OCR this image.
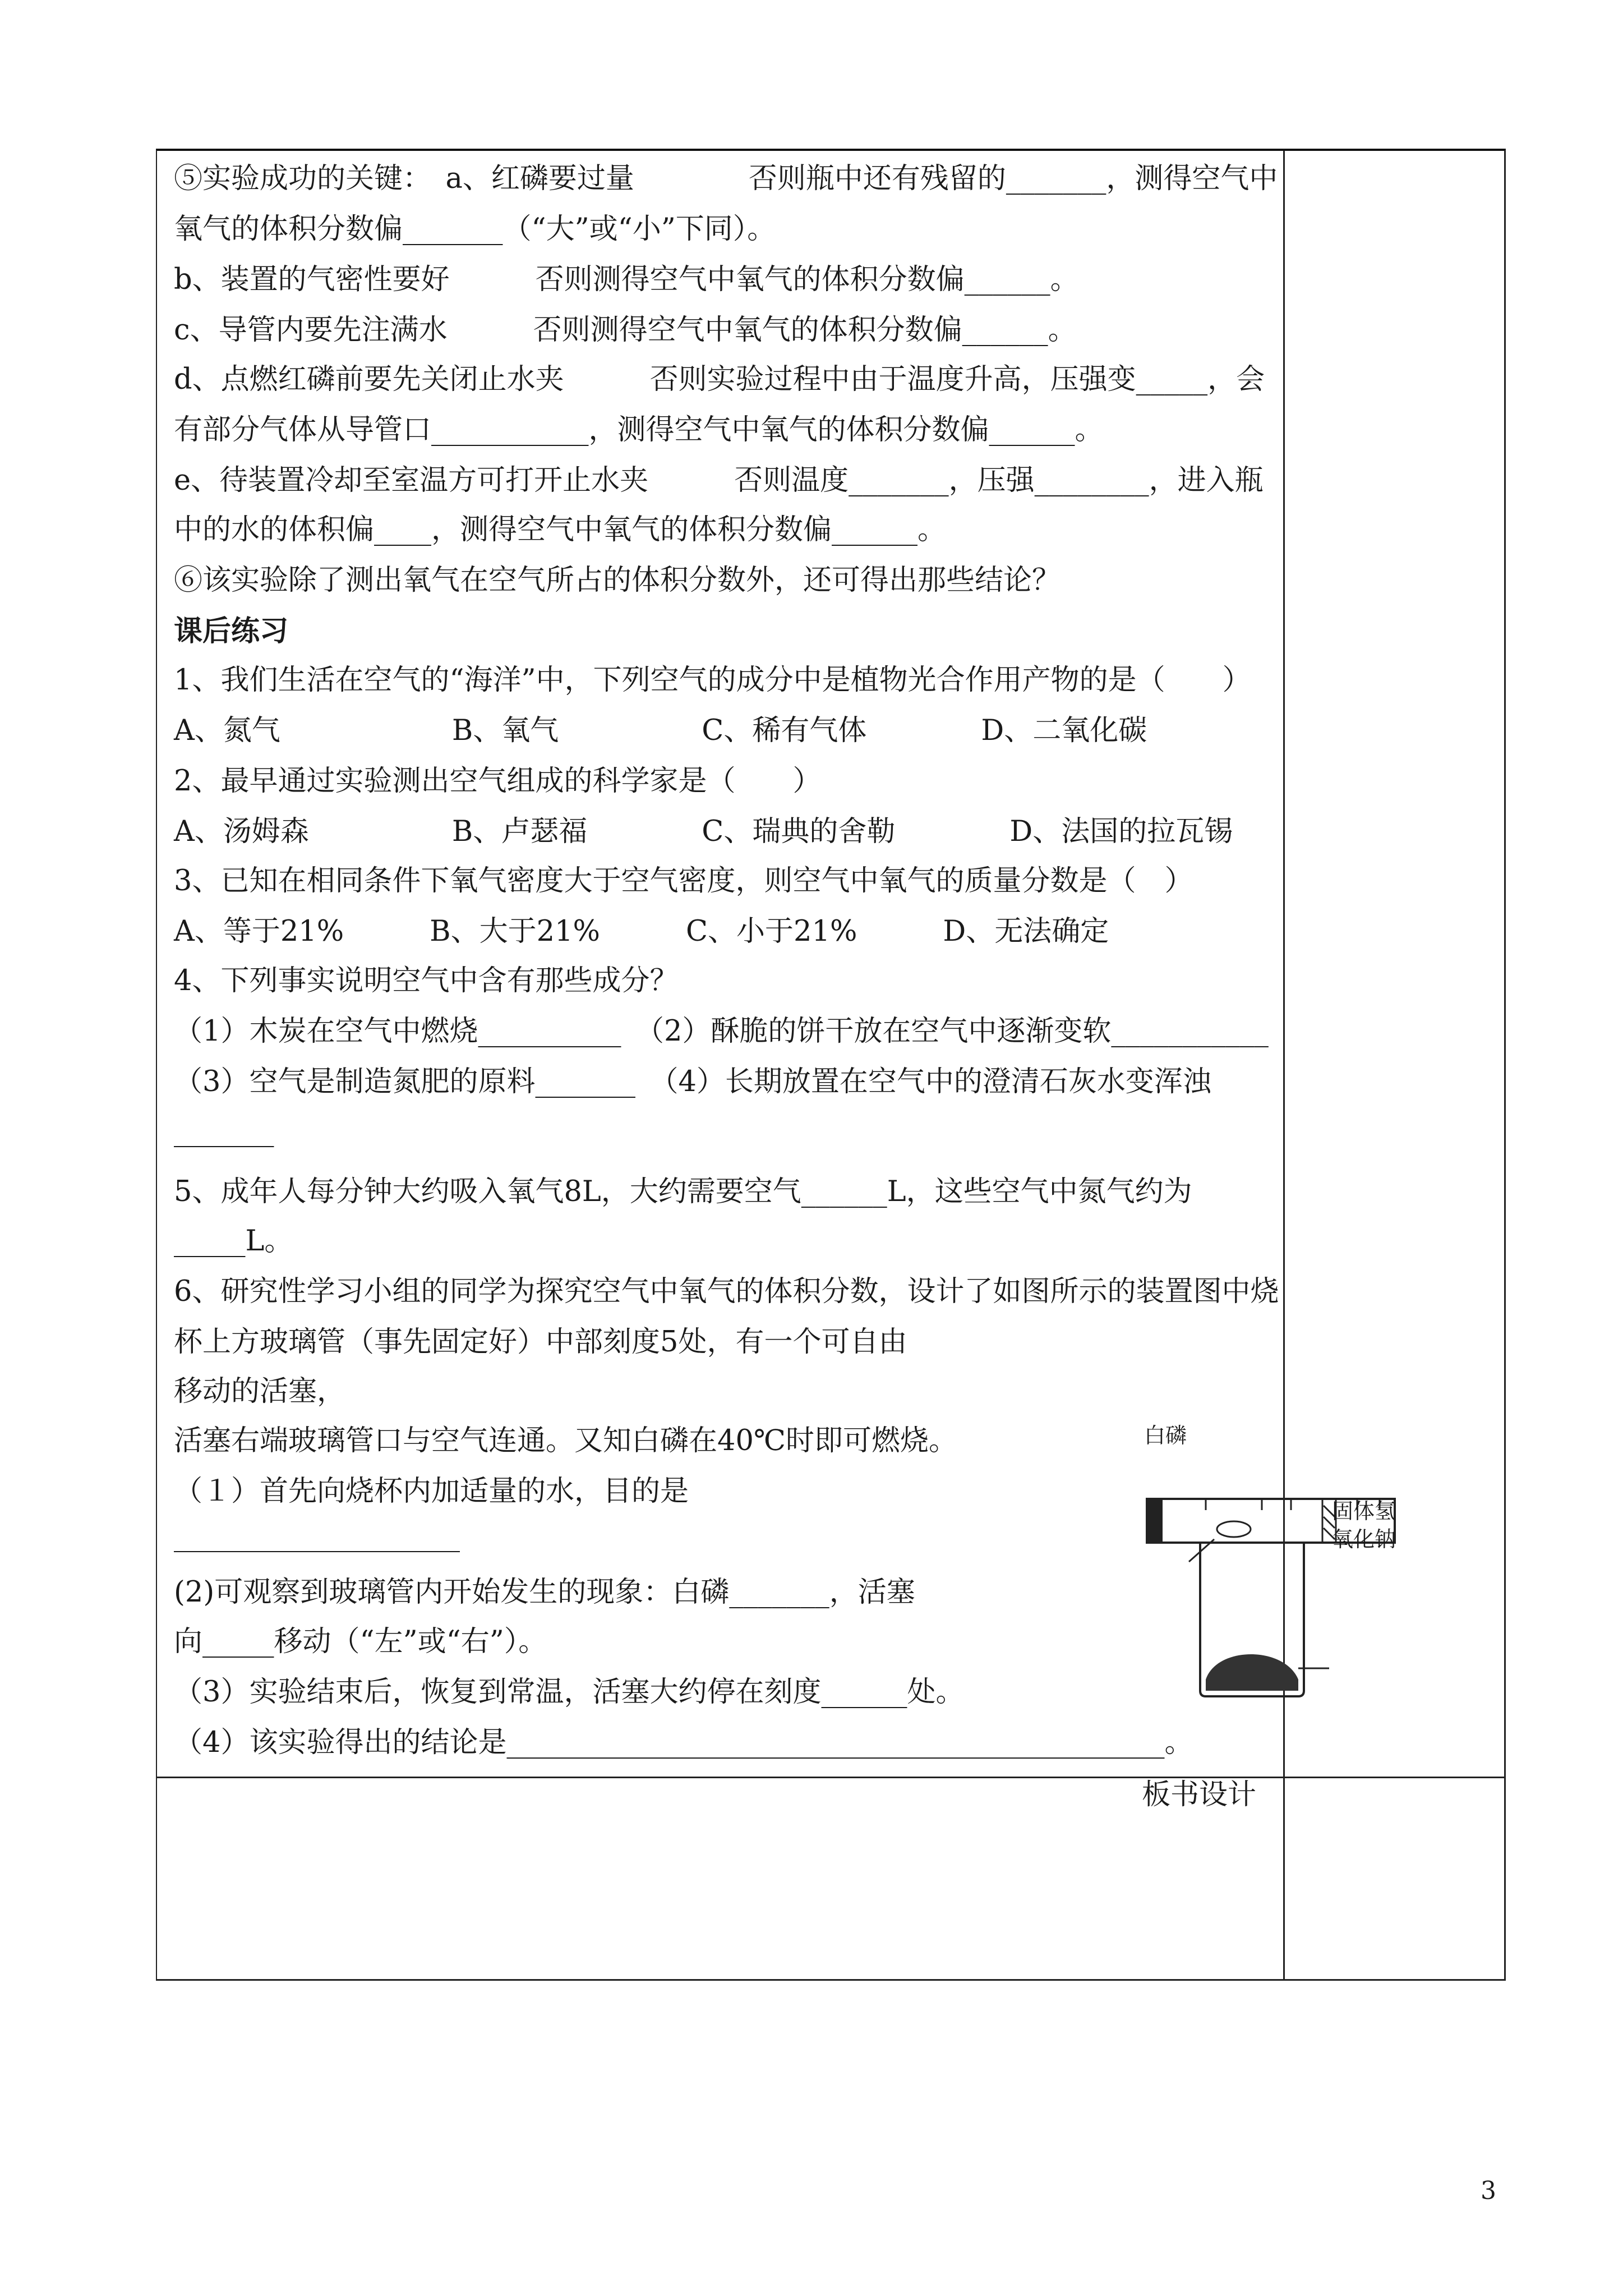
⑤实验成功的关键：　a、红磷要过量　　　　否则瓶中还有残留的_______，测得空气中
氧气的体积分数偏_______（“大”或“小”下同）。
b、装置的气密性要好　　　否则测得空气中氧气的体积分数偏______。
c、导管内要先注满水　　　否则测得空气中氧气的体积分数偏______。
d、点燃红磷前要先关闭止水夹　　　否则实验过程中由于温度升高，压强变_____，会
有部分气体从导管口___________，测得空气中氧气的体积分数偏______。
e、待装置冷却至室温方可打开止水夹　　　否则温度_______，压强________，进入瓶
中的水的体积偏____，测得空气中氧气的体积分数偏______。
⑥该实验除了测出氧气在空气所占的体积分数外，还可得出那些结论？
课后练习
1、我们生活在空气的“海洋”中，下列空气的成分中是植物光合作用产物的是（　　）
A、氮气　　　　　　B、氧气　　　　　C、稀有气体　　　　D、二氧化碳
2、最早通过实验测出空气组成的科学家是（　　）
A、汤姆森　　　　　B、卢瑟福　　　　C、瑞典的舍勒　　　　D、法国的拉瓦锡
3、已知在相同条件下氧气密度大于空气密度，则空气中氧气的质量分数是（　）
A、等于21%　　　B、大于21%　　　C、小于21%　　　D、无法确定
4、下列事实说明空气中含有那些成分？
（1）木炭在空气中燃烧__________　（2）酥脆的饼干放在空气中逐渐变软___________
（3）空气是制造氮肥的原料_______　（4）长期放置在空气中的澄清石灰水变浑浊
_______
5、成年人每分钟大约吸入氧气8L，大约需要空气______L，这些空气中氮气约为
_____L。
6、研究性学习小组的同学为探究空气中氧气的体积分数，设计了如图所示的装置图中烧
杯上方玻璃管（事先固定好）中部刻度5处，有一个可自由
移动的活塞，
活塞右端玻璃管口与空气连通。又知白磷在40℃时即可燃烧。
（１）首先向烧杯内加适量的水，目的是
____________________
(2)可观察到玻璃管内开始发生的现象：白磷_______，活塞
向_____移动（“左”或“右”）。
（3）实验结束后，恢复到常温，活塞大约停在刻度______处。
（4）该实验得出的结论是______________________________________________。
白磷
固体氢
氧化钠
板书设计
3
